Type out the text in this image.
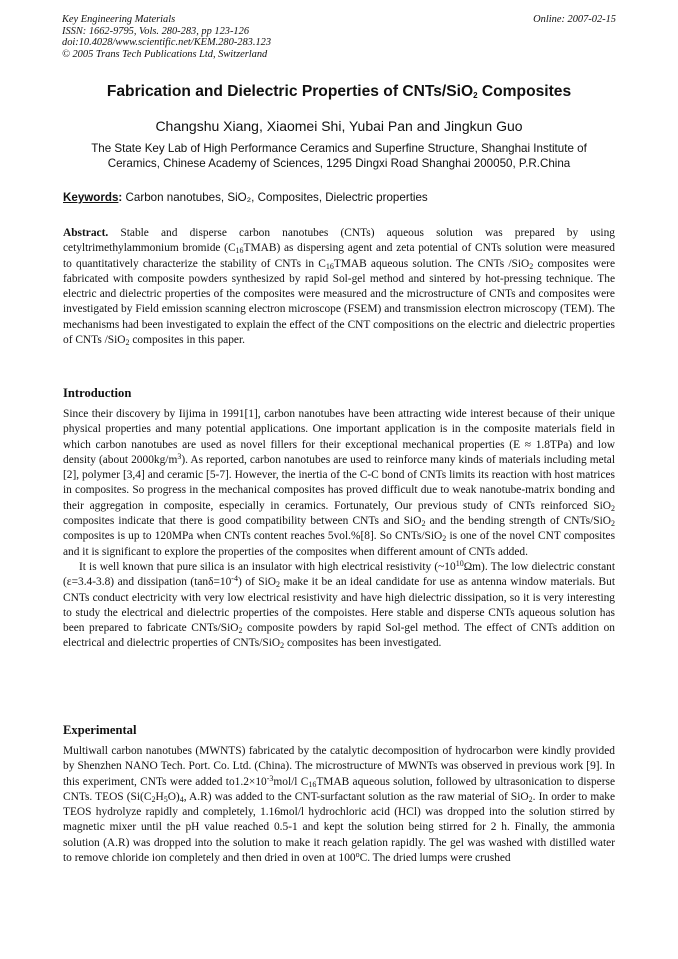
Key Engineering Materials
ISSN: 1662-9795, Vols. 280-283, pp 123-126
doi:10.4028/www.scientific.net/KEM.280-283.123
© 2005 Trans Tech Publications Ltd, Switzerland
Online: 2007-02-15
Fabrication and Dielectric Properties of CNTs/SiO$_2$ Composites
Changshu Xiang, Xiaomei Shi, Yubai Pan and Jingkun Guo
The State Key Lab of High Performance Ceramics and Superfine Structure, Shanghai Institute of
Ceramics, Chinese Academy of Sciences, 1295 Dingxi Road Shanghai 200050, P.R.China
Keywords: Carbon nanotubes, SiO₂, Composites, Dielectric properties

Abstract. Stable and disperse carbon nanotubes (CNTs) aqueous solution was prepared by using cetyltrimethylammonium bromide $(C_{16}TMAB)$ as dispersing agent and zeta potential of CNTs solution were measured to quantitatively characterize the stability of CNTs in $C_{16}TMAB$ aqueous solution. The CNTs /SiO$_2$ composites were fabricated with composite powders synthesized by rapid Sol-gel method and sintered by hot-pressing technique. The electric and dielectric properties of the composites were measured and the microstructure of CNTs and composites were investigated by Field emission scanning electron microscope (FSEM) and transmission electron microscopy (TEM). The mechanisms had been investigated to explain the effect of the CNT compositions on the electric and dielectric properties of CNTs /SiO$_2$ composites in this paper.

Introduction

Since their discovery by Iijima in 1991[1], carbon nanotubes have been attracting wide interest because of their unique physical properties and many potential applications. One important application is in the composite materials field in which carbon nanotubes are used as novel fillers for their exceptional mechanical properties (E ≈ 1.8TPa) and low density (about $2000kg/m^3$). As reported, carbon nanotubes are used to reinforce many kinds of materials including metal [2], polymer [3,4] and ceramic [5-7]. However, the inertia of the C-C bond of CNTs limits its reaction with host matrices in composites. So progress in the mechanical composites has proved difficult due to weak nanotube-matrix bonding and their aggregation in composite, especially in ceramics. Fortunately, Our previous study of CNTs reinforced SiO$_2$ composites indicate that there is good compatibility between CNTs and SiO$_2$ and the bending strength of CNTs/SiO$_2$ composites is up to 120MPa when CNTs content reaches 5vol.%[8]. So CNTs/SiO$_2$ is one of the novel CNT composites and it is significant to explore the properties of the composites when different amount of CNTs added.

It is well known that pure silica is an insulator with high electrical resistivity $(\sim 10^{10}\Omega m)$. The low dielectric constant (ε=3.4-3.8) and dissipation $(\tan\delta=10^{-4})$ of SiO$_2$ make it be an ideal candidate for use as antenna window materials. But CNTs conduct electricity with very low electrical resistivity and have high dielectric dissipation, so it is very interesting to study the electrical and dielectric properties of the compoistes. Here stable and disperse CNTs aqueous solution has been prepared to fabricate CNTs/SiO$_2$ composite powders by rapid Sol-gel method. The effect of CNTs addition on electrical and dielectric properties of CNTs/SiO$_2$ composites has been investigated.

Experimental

Multiwall carbon nanotubes (MWNTS) fabricated by the catalytic decomposition of hydrocarbon were kindly provided by Shenzhen NANO Tech. Port. Co. Ltd. (China). The microstructure of MWNTs was observed in previous work [9]. In this experiment, CNTs were added $to1.2\times 10^{-3}mol/l$ $C_{16}TMAB$ aqueous solution, followed by ultrasonication to disperse CNTs. TEOS ($Si(C_2H_5O)_4$, A.R) was added to the CNT-surfactant solution as the raw material of SiO$_2$. In order to make TEOS hydrolyze rapidly and completely, 1.16mol/l hydrochloric acid (HCl) was dropped into the solution stirred by magnetic mixer until the pH value reached 0.5-1 and kept the solution being stirred for 2 h. Finally, the ammonia solution (A.R) was dropped into the solution to make it reach gelation rapidly. The gel was washed with distilled water to remove chloride ion completely and then dried in oven at 100$^o$C. The dried lumps were crushed
